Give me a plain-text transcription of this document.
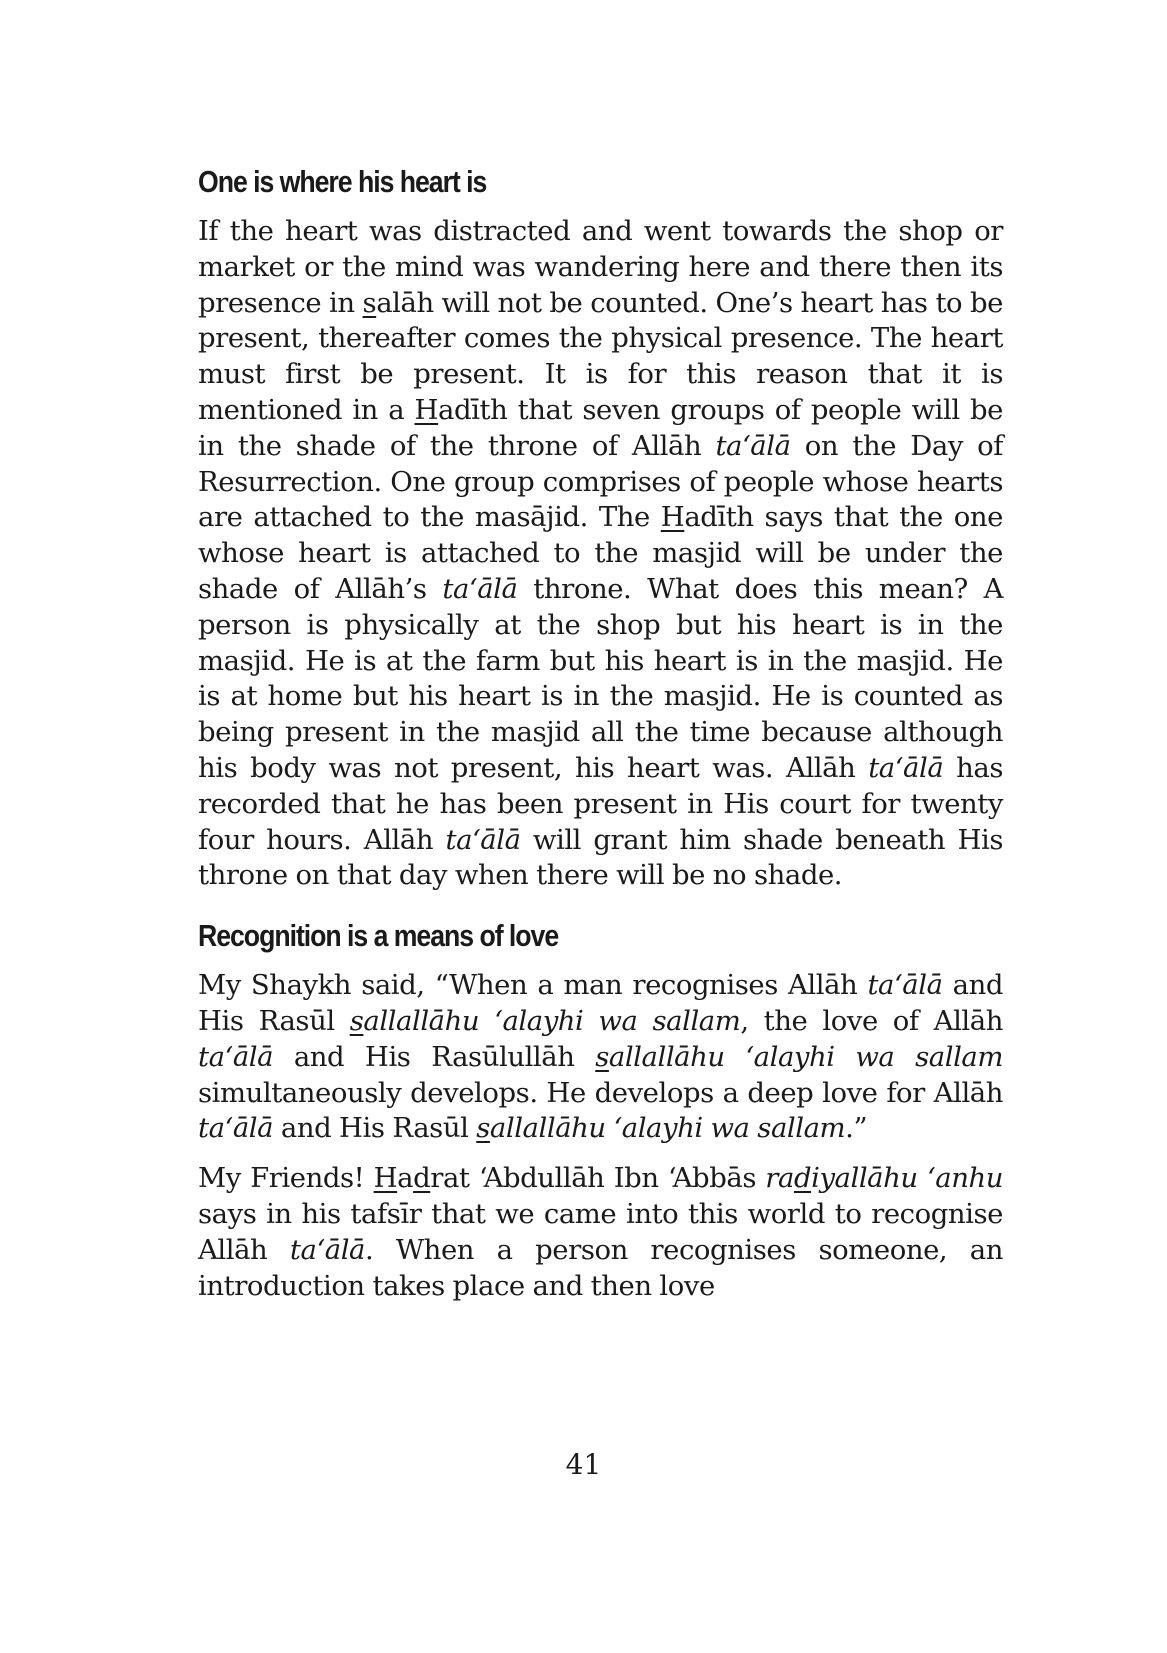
One is where his heart is

If the heart was distracted and went towards the shop or market or the mind was wandering here and there then its presence in salāh will not be counted. One’s heart has to be present, thereafter comes the physical presence. The heart must first be present. It is for this reason that it is mentioned in a Hadīth that seven groups of people will be in the shade of the throne of Allāh ta‘ālā on the Day of Resurrection. One group comprises of people whose hearts are attached to the masājid. The Hadīth says that the one whose heart is attached to the masjid will be under the shade of Allāh’s ta‘ālā throne. What does this mean? A person is physically at the shop but his heart is in the masjid. He is at the farm but his heart is in the masjid. He is at home but his heart is in the masjid. He is counted as being present in the masjid all the time because although his body was not present, his heart was. Allāh ta‘ālā has recorded that he has been present in His court for twenty four hours. Allāh ta‘ālā will grant him shade beneath His throne on that day when there will be no shade.

Recognition is a means of love

My Shaykh said, “When a man recognises Allāh ta‘ālā and His Rasūl sallallāhu ‘alayhi wa sallam, the love of Allāh ta‘ālā and His Rasūlullāh sallallāhu ‘alayhi wa sallam simultaneously develops. He develops a deep love for Allāh ta‘ālā and His Rasūl sallallāhu ‘alayhi wa sallam.”

My Friends! Hadrat ‘Abdullāh Ibn ‘Abbās radiyallāhu ‘anhu says in his tafsīr that we came into this world to recognise Allāh ta‘ālā. When a person recognises someone, an introduction takes place and then love

41
